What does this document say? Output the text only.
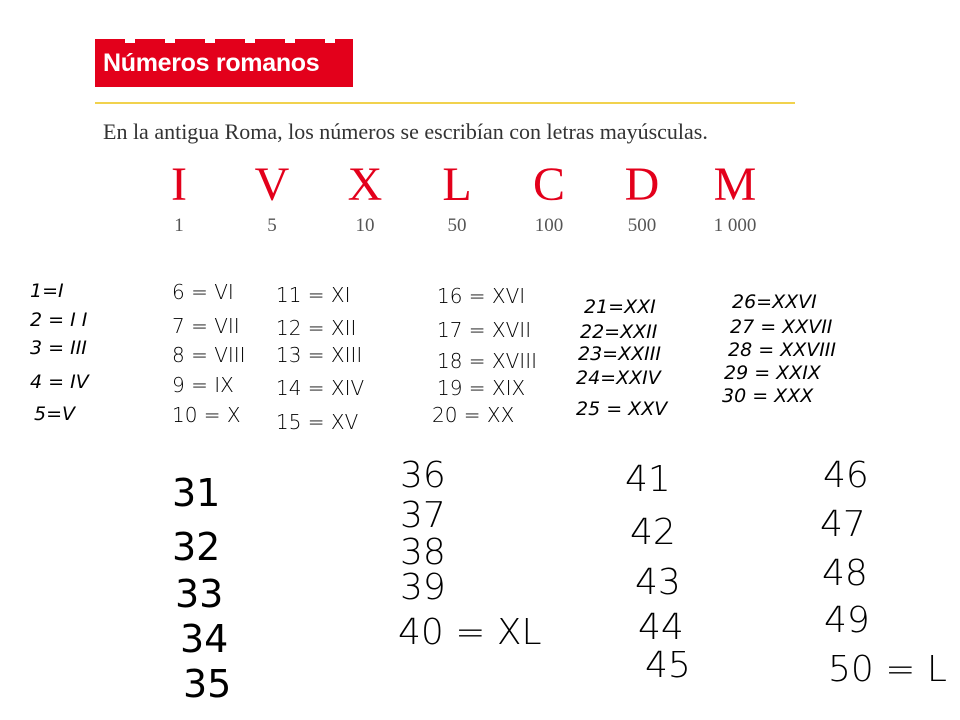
Números romanos
En la antigua Roma, los números se escribían con letras mayúsculas.
I
1
V
5
X
10
L
50
C
100
D
500
M
1 000
1=I
2 = I I
3 = III
4 = IV
5=V
6 = VI
7 = VII
8 = VIII
9 = IX
10 = X
11 = XI
12 = XII
13 = XIII
14 = XIV
15 = XV
16 = XVI
17 = XVII
18 = XVIII
19 = XIX
20 = XX
21=XXI
22=XXII
23=XXIII
24=XXIV
25 = XXV
26=XXVI
27 = XXVII
28 = XXVIII
29 = XXIX
30 = XXX
31
32
33
34
35
36
37
38
39
40 = XL
41
42
43
44
45
46
47
48
49
50 = L
